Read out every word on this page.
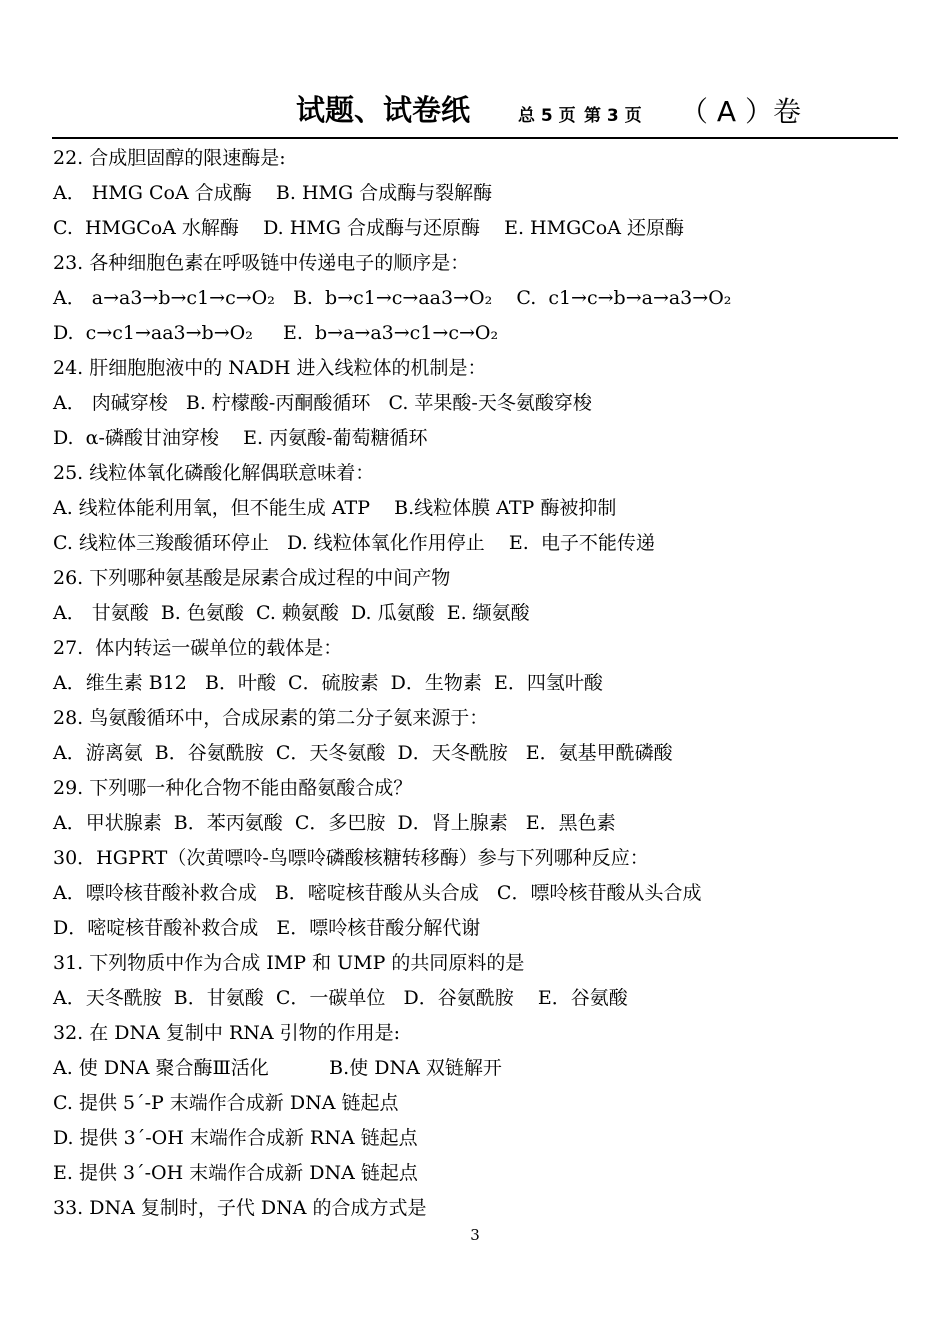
试题、试卷纸	总 5 页 第 3 页 （ A ）卷
22. 合成胆固醇的限速酶是:
A． HMG CoA 合成酶    B. HMG 合成酶与裂解酶
C.  HMGCoA 水解酶    D. HMG 合成酶与还原酶    E. HMGCoA 还原酶
23. 各种细胞色素在呼吸链中传递电子的顺序是：
A． a→a3→b→c1→c→O₂   B.  b→c1→c→aa3→O₂    C.  c1→c→b→a→a3→O₂
D.  c→c1→aa3→b→O₂     E.  b→a→a3→c1→c→O₂
24. 肝细胞胞液中的 NADH 进入线粒体的机制是：
A． 肉碱穿梭   B. 柠檬酸-丙酮酸循环   C. 苹果酸-天冬氨酸穿梭
D.  α-磷酸甘油穿梭    E. 丙氨酸-葡萄糖循环
25. 线粒体氧化磷酸化解偶联意味着：
A. 线粒体能利用氧，但不能生成 ATP    B.线粒体膜 ATP 酶被抑制
C. 线粒体三羧酸循环停止   D. 线粒体氧化作用停止    E.  电子不能传递
26. 下列哪种氨基酸是尿素合成过程的中间产物
A． 甘氨酸  B. 色氨酸  C. 赖氨酸  D. 瓜氨酸  E. 缬氨酸
27.  体内转运一碳单位的载体是：
A．维生素 B12   B．叶酸  C．硫胺素  D．生物素  E．四氢叶酸
28. 鸟氨酸循环中，合成尿素的第二分子氨来源于：
A．游离氨  B．谷氨酰胺  C．天冬氨酸  D．天冬酰胺   E．氨基甲酰磷酸
29. 下列哪一种化合物不能由酪氨酸合成？
A．甲状腺素  B．苯丙氨酸  C．多巴胺  D．肾上腺素   E．黑色素
30．HGPRT（次黄嘌呤-鸟嘌呤磷酸核糖转移酶）参与下列哪种反应：
A．嘌呤核苷酸补救合成   B．嘧啶核苷酸从头合成   C．嘌呤核苷酸从头合成
D．嘧啶核苷酸补救合成   E．嘌呤核苷酸分解代谢
31. 下列物质中作为合成 IMP 和 UMP 的共同原料的是
A．天冬酰胺  B．甘氨酸  C．一碳单位   D．谷氨酰胺    E．谷氨酸
32. 在 DNA 复制中 RNA 引物的作用是:
A. 使 DNA 聚合酶Ⅲ活化          B.使 DNA 双链解开
C. 提供 5´-P 末端作合成新 DNA 链起点
D. 提供 3´-OH 末端作合成新 RNA 链起点
E. 提供 3´-OH 末端作合成新 DNA 链起点
33. DNA 复制时，子代 DNA 的合成方式是
3
